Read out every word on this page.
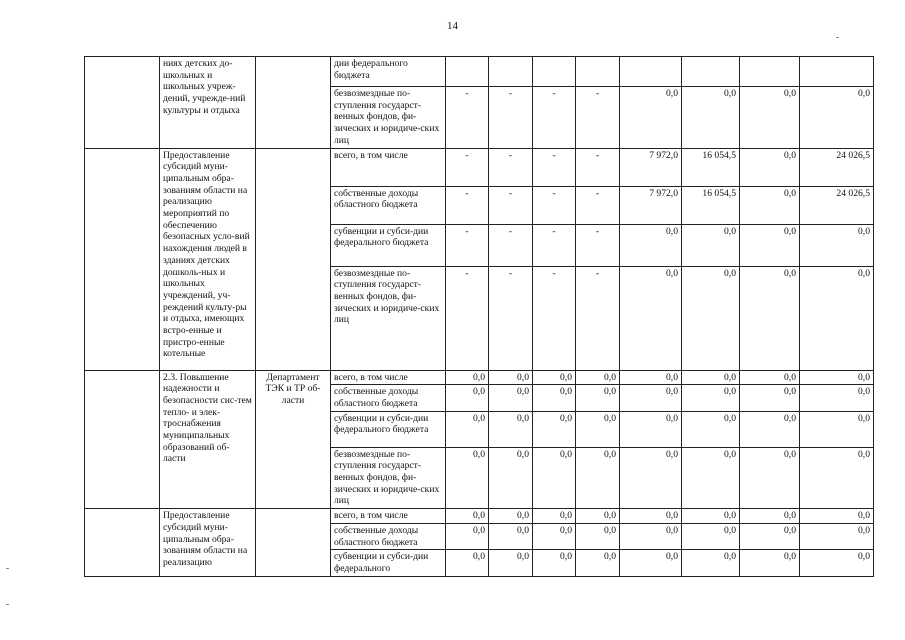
14
	ниях детских до-школьных и школьных учреж-дений, учрежде-ний культуры и отдыха		дии федерального бюджета								
			безвозмездные по-ступления государст-венных фондов, фи-зических и юридиче-ских лиц	-	-	-	-	0,0	0,0	0,0	0,0
	Предоставление субсидий муни-ципальным обра-зованиям области на реализацию мероприятий по обеспечению безопасных усло-вий нахождения людей в зданиях детских дошколь-ных и школьных учреждений, уч-реждений культу-ры и отдыха, имеющих встро-енные и пристро-енные котельные		всего, в том числе	-	-	-	-	7 972,0	16 054,5	0,0	24 026,5
			собственные доходы областного бюджета	-	-	-	-	7 972,0	16 054,5	0,0	24 026,5
			субвенции и субси-дии федерального бюджета	-	-	-	-	0,0	0,0	0,0	0,0
			безвозмездные по-ступления государст-венных фондов, фи-зических и юридиче-ских лиц	-	-	-	-	0,0	0,0	0,0	0,0
	2.3. Повышение надежности и безопасности сис-тем тепло- и элек-троснабжения муниципальных образований об-ласти	Департамент ТЭК и ТР об-ласти	всего, в том числе	0,0	0,0	0,0	0,0	0,0	0,0	0,0	0,0
			собственные доходы областного бюджета	0,0	0,0	0,0	0,0	0,0	0,0	0,0	0,0
			субвенции и субси-дии федерального бюджета	0,0	0,0	0,0	0,0	0,0	0,0	0,0	0,0
			безвозмездные по-ступления государст-венных фондов, фи-зических и юридиче-ских лиц	0,0	0,0	0,0	0,0	0,0	0,0	0,0	0,0
	Предоставление субсидий муни-ципальным обра-зованиям области на реализацию		всего, в том числе	0,0	0,0	0,0	0,0	0,0	0,0	0,0	0,0
			собственные доходы областного бюджета	0,0	0,0	0,0	0,0	0,0	0,0	0,0	0,0
			субвенции и субси-дии федерального	0,0	0,0	0,0	0,0	0,0	0,0	0,0	0,0
